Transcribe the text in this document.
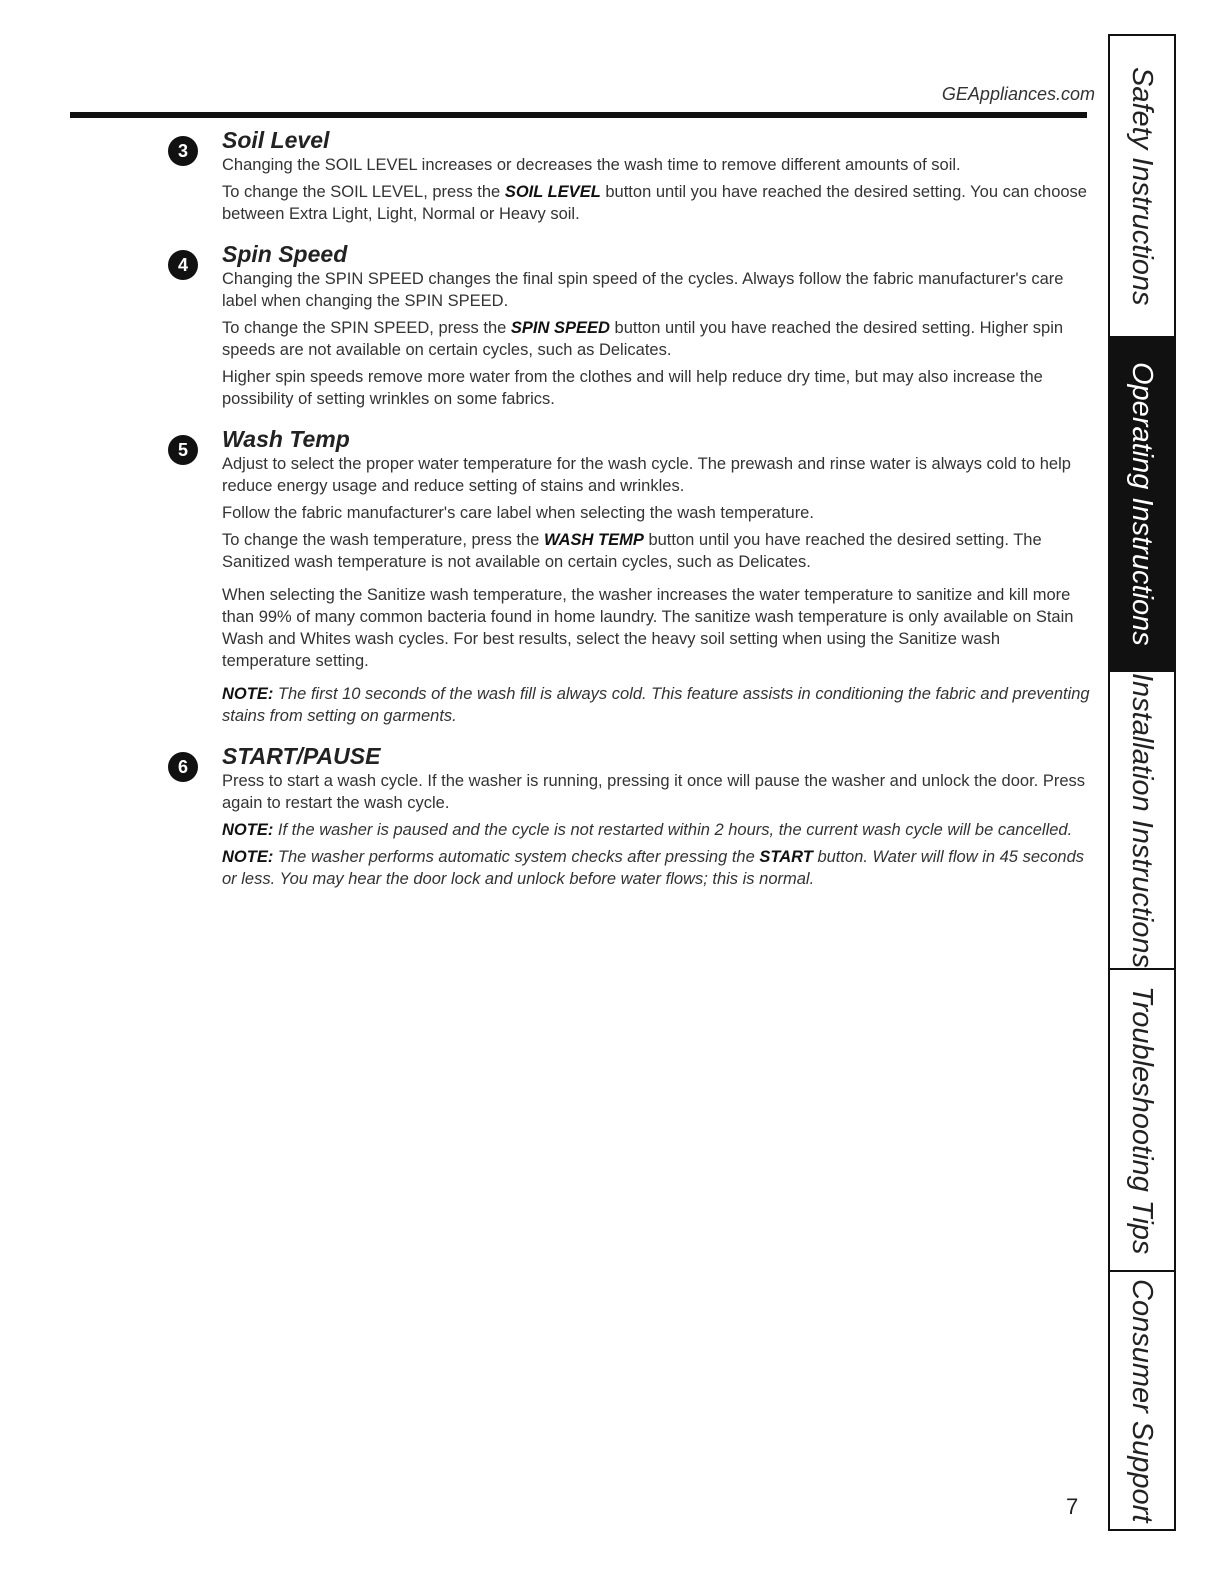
GEAppliances.com
3	Soil Level

Changing the SOIL LEVEL increases or decreases the wash time to remove different amounts of soil.

To change the SOIL LEVEL, press the SOIL LEVEL button until you have reached the desired setting. You can choose between Extra Light, Light, Normal or Heavy soil.

4	Spin Speed

Changing the SPIN SPEED changes the final spin speed of the cycles. Always follow the fabric manufacturer's care label when changing the SPIN SPEED.

To change the SPIN SPEED, press the SPIN SPEED button until you have reached the desired setting. Higher spin speeds are not available on certain cycles, such as Delicates.

Higher spin speeds remove more water from the clothes and will help reduce dry time, but may also increase the possibility of setting wrinkles on some fabrics.

5	Wash Temp

Adjust to select the proper water temperature for the wash cycle. The prewash and rinse water is always cold to help reduce energy usage and reduce setting of stains and wrinkles.

Follow the fabric manufacturer's care label when selecting the wash temperature.

To change the wash temperature, press the WASH TEMP button until you have reached the desired setting. The Sanitized wash temperature is not available on certain cycles, such as Delicates.

When selecting the Sanitize wash temperature, the washer increases the water temperature to sanitize and kill more than 99% of many common bacteria found in home laundry. The sanitize wash temperature is only available on Stain Wash and Whites wash cycles. For best results, select the heavy soil setting when using the Sanitize wash temperature setting.

NOTE: The first 10 seconds of the wash fill is always cold. This feature assists in conditioning the fabric and preventing stains from setting on garments.

6	START/PAUSE

Press to start a wash cycle. If the washer is running, pressing it once will pause the washer and unlock the door. Press again to restart the wash cycle.

NOTE: If the washer is paused and the cycle is not restarted within 2 hours, the current wash cycle will be cancelled.

NOTE: The washer performs automatic system checks after pressing the START button. Water will flow in 45 seconds or less. You may hear the door lock and unlock before water flows; this is normal.

Safety Instructions
Operating Instructions
Installation Instructions
Troubleshooting Tips
Consumer Support
7
